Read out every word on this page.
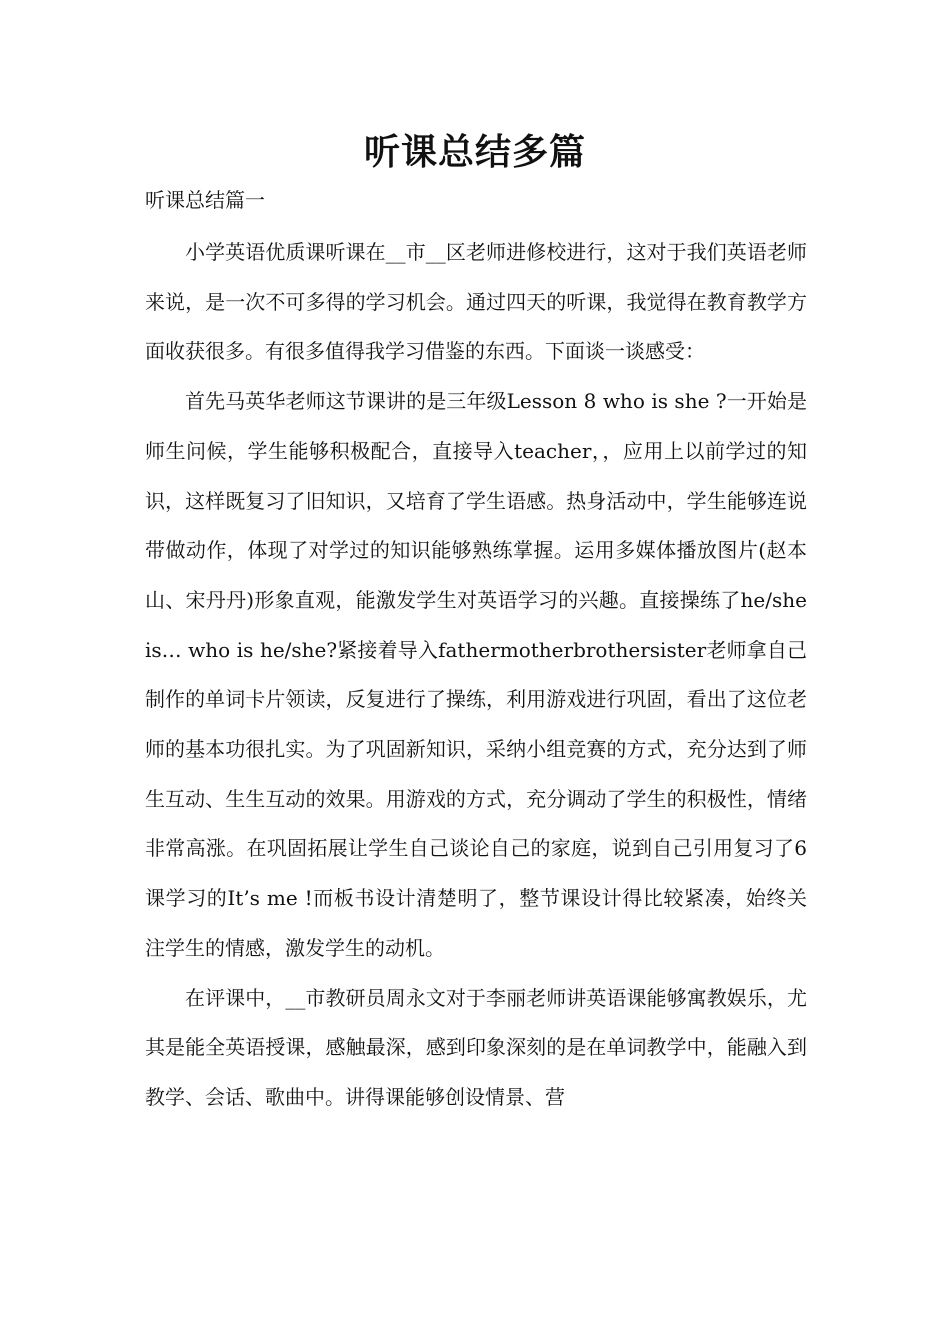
听课总结多篇
听课总结篇一

小学英语优质课听课在__市__区老师进修校进行，这对于我们英语老师来说，是一次不可多得的学习机会。通过四天的听课，我觉得在教育教学方面收获很多。有很多值得我学习借鉴的东西。下面谈一谈感受：

首先马英华老师这节课讲的是三年级Lesson 8 who is she ?一开始是师生问候，学生能够积极配合，直接导入teacher，，应用上以前学过的知识，这样既复习了旧知识，又培育了学生语感。热身活动中，学生能够连说带做动作，体现了对学过的知识能够熟练掌握。运用多媒体播放图片(赵本山、宋丹丹)形象直观，能激发学生对英语学习的兴趣。直接操练了he/she is… who is he/she?紧接着导入fathermotherbrothersister老师拿自己制作的单词卡片领读，反复进行了操练，利用游戏进行巩固，看出了这位老师的基本功很扎实。为了巩固新知识，采纳小组竞赛的方式，充分达到了师生互动、生生互动的效果。用游戏的方式，充分调动了学生的积极性，情绪非常高涨。在巩固拓展让学生自己谈论自己的家庭，说到自己引用复习了6课学习的It’s me !而板书设计清楚明了，整节课设计得比较紧凑，始终关注学生的情感，激发学生的动机。

在评课中，__市教研员周永文对于李丽老师讲英语课能够寓教娱乐，尤其是能全英语授课，感触最深，感到印象深刻的是在单词教学中，能融入到教学、会话、歌曲中。讲得课能够创设情景、营
